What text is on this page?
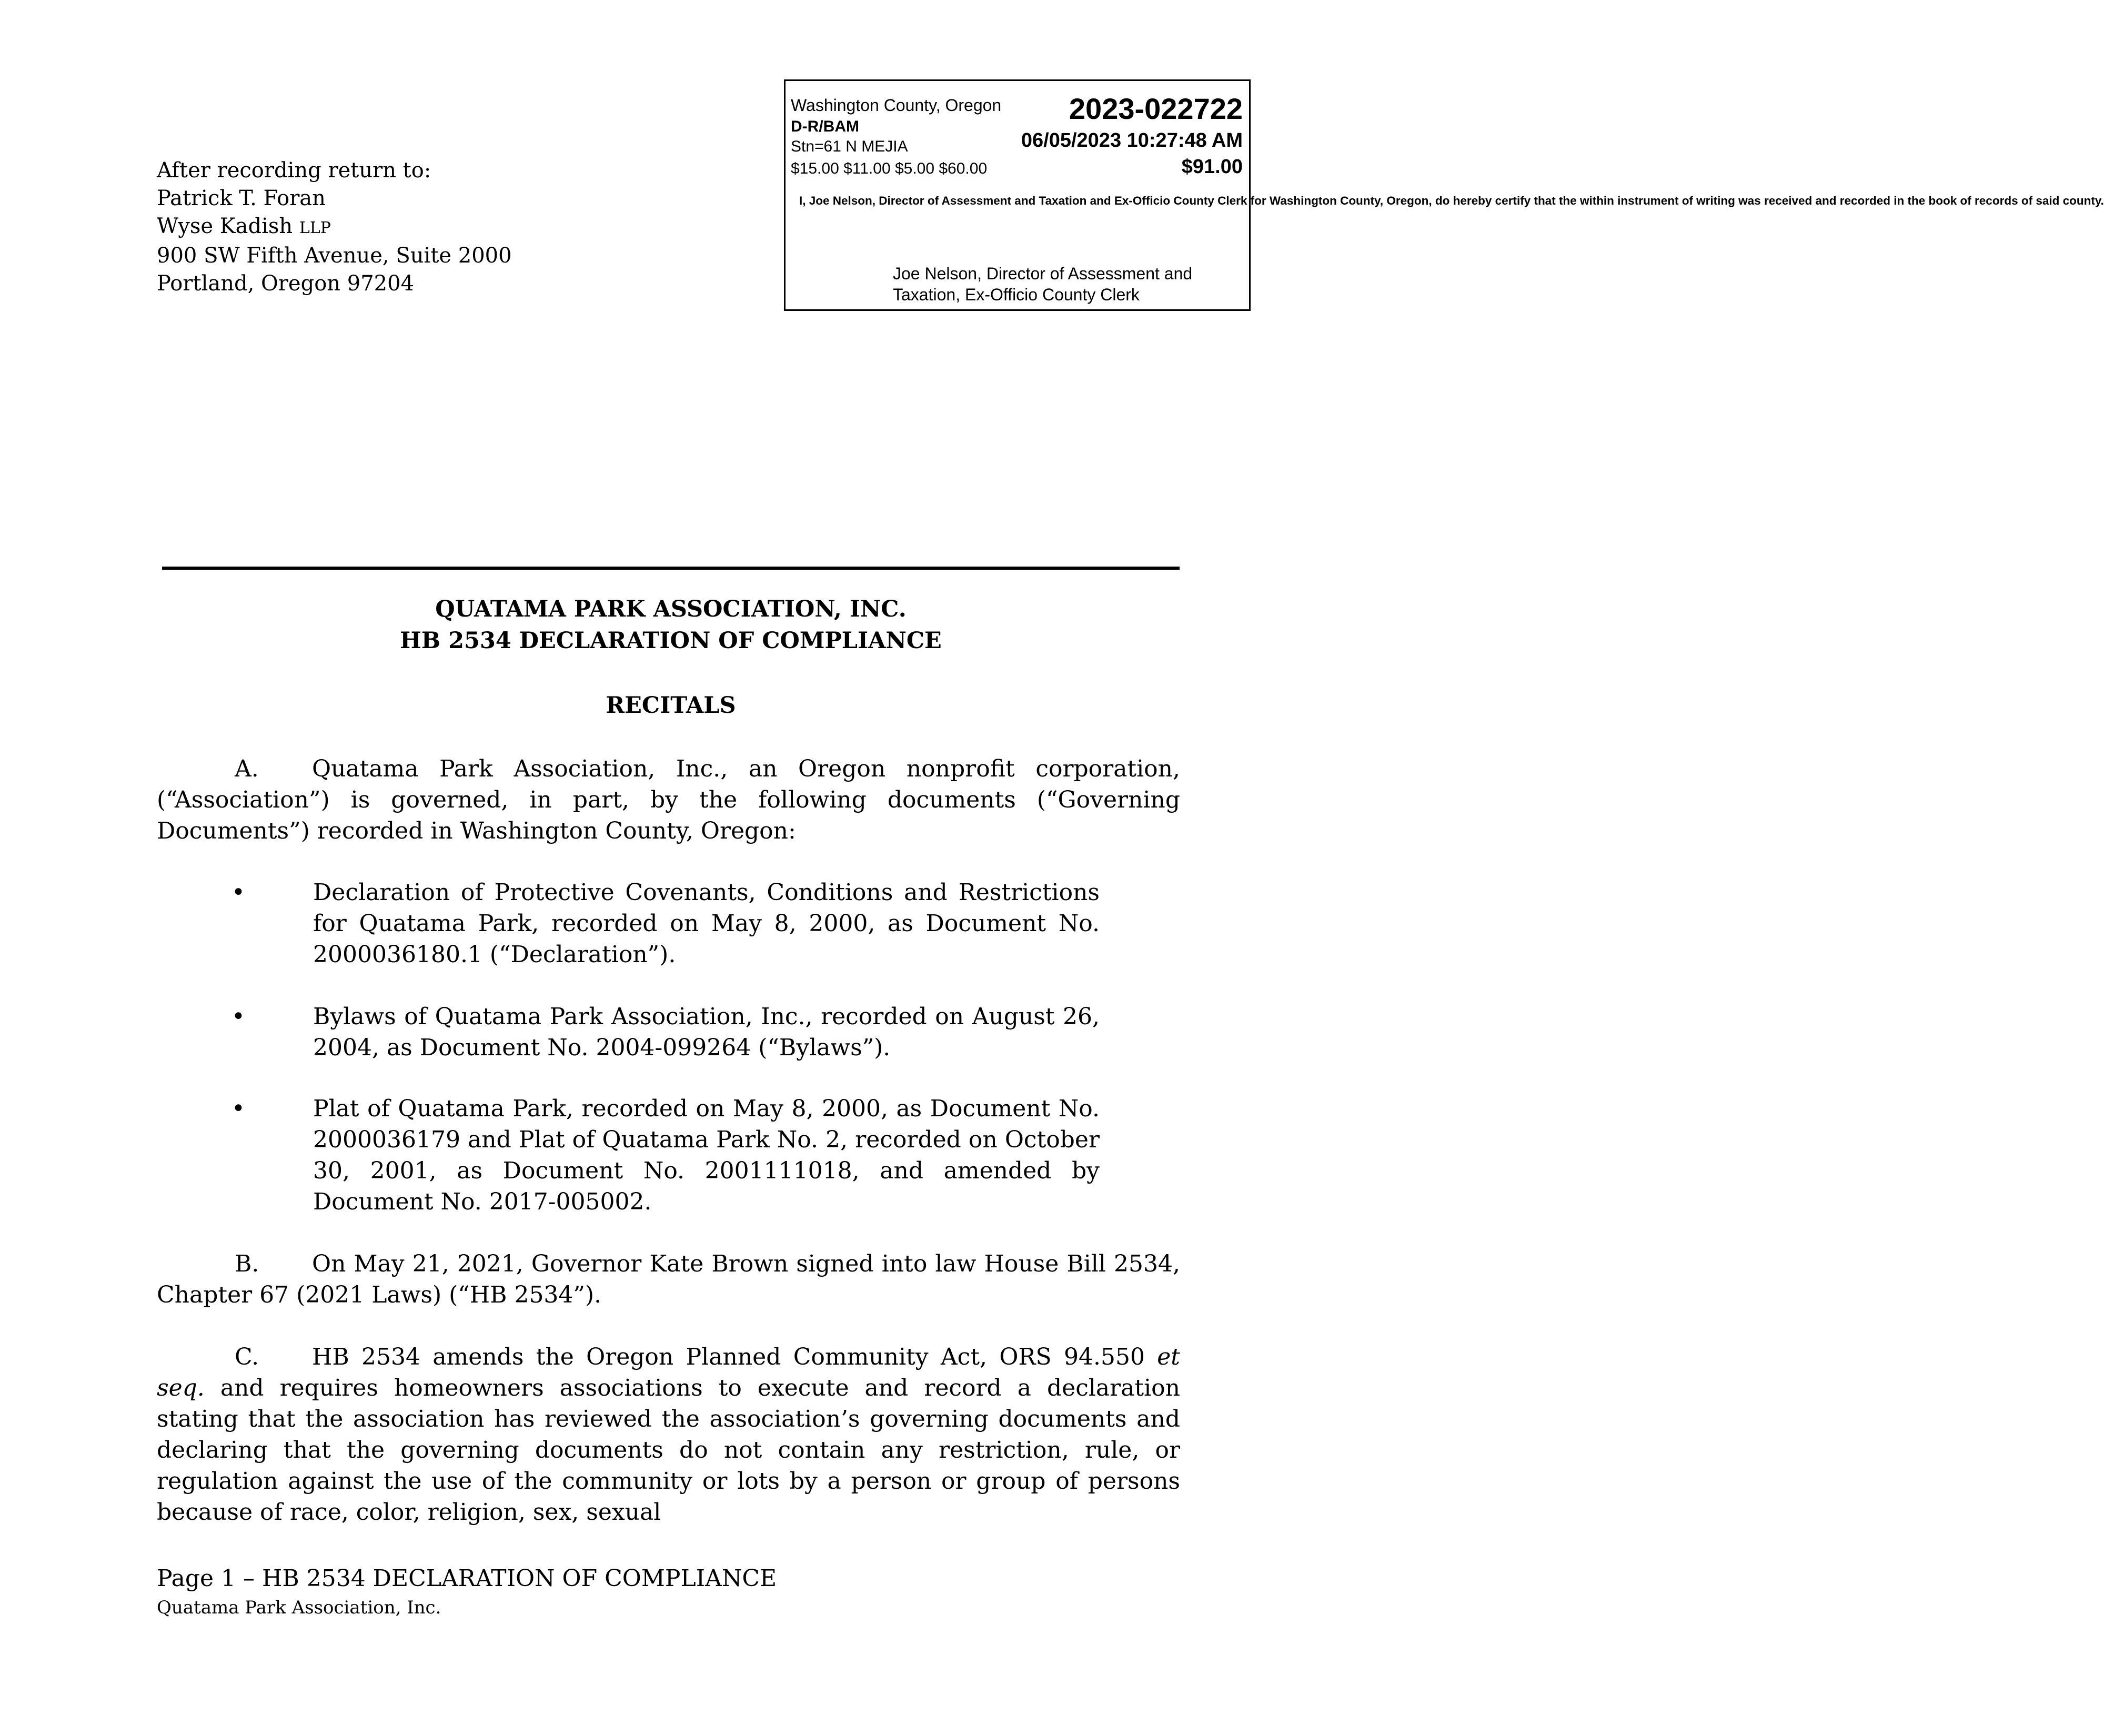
After recording return to:
Patrick T. Foran
Wyse Kadish LLP
900 SW Fifth Avenue, Suite 2000
Portland, Oregon 97204
Washington County, Oregon 2023-022722
D-R/BAM
Stn=61 N MEJIA	06/05/2023 10:27:48 AM
$15.00 $11.00 $5.00 $60.00	$91.00
I, Joe Nelson, Director of Assessment and Taxation and Ex-Officio County Clerk for Washington County, Oregon, do hereby certify that the within instrument of writing was received and recorded in the book of records of said county.
Joe Nelson, Director of Assessment and
Taxation, Ex-Officio County Clerk
QUATAMA PARK ASSOCIATION, INC.
HB 2534 DECLARATION OF COMPLIANCE
RECITALS
A. Quatama Park Association, Inc., an Oregon nonprofit corporation, (“Association”) is governed, in part, by the following documents (“Governing Documents”) recorded in Washington County, Oregon:
•	Declaration of Protective Covenants, Conditions and Restrictions for Quatama Park, recorded on May 8, 2000, as Document No. 2000036180.1 (“Declaration”).
•	Bylaws of Quatama Park Association, Inc., recorded on August 26, 2004, as Document No. 2004-099264 (“Bylaws”).
•	Plat of Quatama Park, recorded on May 8, 2000, as Document No. 2000036179 and Plat of Quatama Park No. 2, recorded on October 30, 2001, as Document No. 2001111018, and amended by Document No. 2017-005002.
B. On May 21, 2021, Governor Kate Brown signed into law House Bill 2534, Chapter 67 (2021 Laws) (“HB 2534”).
C. HB 2534 amends the Oregon Planned Community Act, ORS 94.550 et seq. and requires homeowners associations to execute and record a declaration stating that the association has reviewed the association’s governing documents and declaring that the governing documents do not contain any restriction, rule, or regulation against the use of the community or lots by a person or group of persons because of race, color, religion, sex, sexual
Page 1 – HB 2534 DECLARATION OF COMPLIANCE
Quatama Park Association, Inc.
